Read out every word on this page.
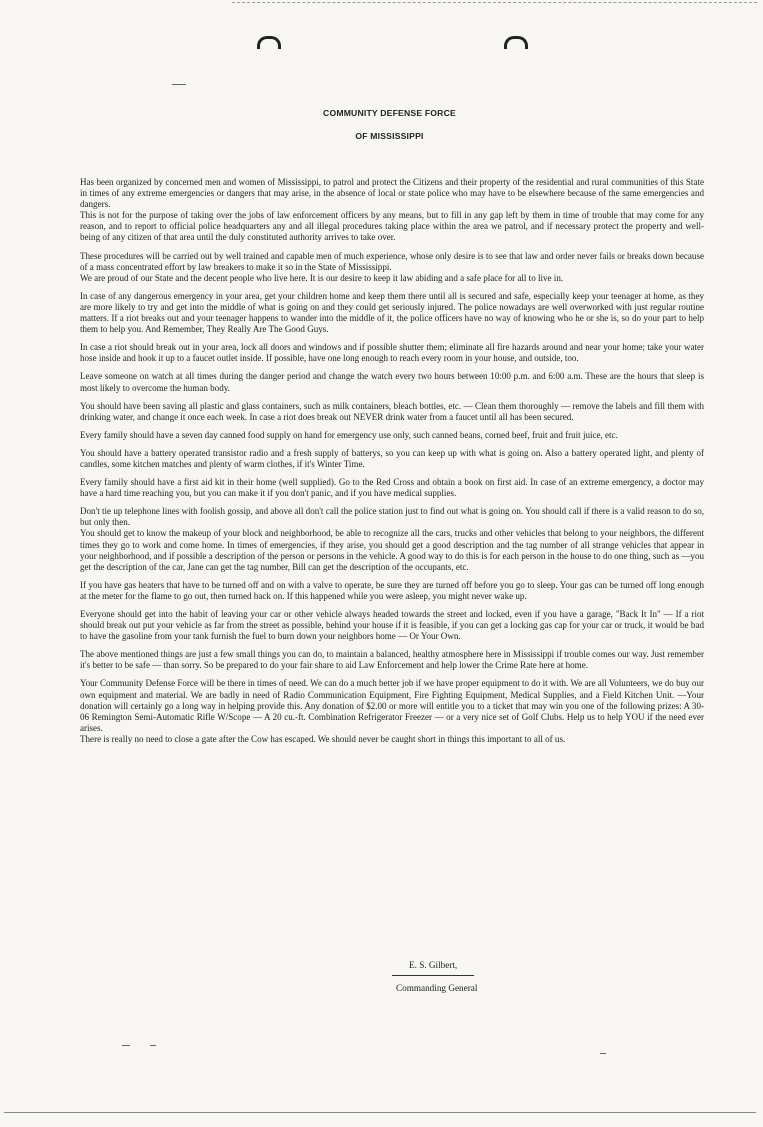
COMMUNITY DEFENSE FORCE
OF MISSISSIPPI

Has been organized by concerned men and women of Mississippi, to patrol and protect the Citizens and their property of the residential and rural communities of this State in times of any extreme emergencies or dangers that may arise, in the absence of local or state police who may have to be elsewhere because of the same emergencies and dangers.

This is not for the purpose of taking over the jobs of law enforcement officers by any means, but to fill in any gap left by them in time of trouble that may come for any reason, and to report to official police headquarters any and all illegal procedures taking place within the area we patrol, and if necessary protect the property and well-being of any citizen of that area until the duly constituted authority arrives to take over.

These procedures will be carried out by well trained and capable men of much experience, whose only desire is to see that law and order never fails or breaks down because of a mass concentrated effort by law breakers to make it so in the State of Mississippi.

We are proud of our State and the decent people who live here. It is our desire to keep it law abiding and a safe place for all to live in.

In case of any dangerous emergency in your area, get your children home and keep them there until all is secured and safe, especially keep your teenager at home, as they are more likely to try and get into the middle of what is going on and they could get seriously injured. The police nowadays are well overworked with just regular routine matters. If a riot breaks out and your teenager happens to wander into the middle of it, the police officers have no way of knowing who he or she is, so do your part to help them to help you. And Remember, They Really Are The Good Guys.

In case a riot should break out in your area, lock all doors and windows and if possible shutter them; eliminate all fire hazards around and near your home; take your water hose inside and hook it up to a faucet outlet inside. If possible, have one long enough to reach every room in your house, and outside, too.

Leave someone on watch at all times during the danger period and change the watch every two hours between 10:00 p.m. and 6:00 a.m. These are the hours that sleep is most likely to overcome the human body.

You should have been saving all plastic and glass containers, such as milk containers, bleach bottles, etc. — Clean them thoroughly — remove the labels and fill them with drinking water, and change it once each week. In case a riot does break out NEVER drink water from a faucet until all has been secured.

Every family should have a seven day canned food supply on hand for emergency use only, such canned beans, corned beef, fruit and fruit juice, etc.

You should have a battery operated transistor radio and a fresh supply of batterys, so you can keep up with what is going on. Also a battery operated light, and plenty of candles, some kitchen matches and plenty of warm clothes, if it's Winter Time.

Every family should have a first aid kit in their home (well supplied). Go to the Red Cross and obtain a book on first aid. In case of an extreme emergency, a doctor may have a hard time reaching you, but you can make it if you don't panic, and if you have medical supplies.

Don't tie up telephone lines with foolish gossip, and above all don't call the police station just to find out what is going on. You should call if there is a valid reason to do so, but only then.

You should get to know the makeup of your block and neighborhood, be able to recognize all the cars, trucks and other vehicles that belong to your neighbors, the different times they go to work and come home. In times of emergencies, if they arise, you should get a good description and the tag number of all strange vehicles that appear in your neighborhood, and if possible a description of the person or persons in the vehicle. A good way to do this is for each person in the house to do one thing, such as —you get the description of the car, Jane can get the tag number, Bill can get the description of the occupants, etc.

If you have gas heaters that have to be turned off and on with a valve to operate, be sure they are turned off before you go to sleep. Your gas can be turned off long enough at the meter for the flame to go out, then turned back on. If this happened while you were asleep, you might never wake up.

Everyone should get into the habit of leaving your car or other vehicle always headed towards the street and locked, even if you have a garage, "Back It In" — If a riot should break out put your vehicle as far from the street as possible, behind your house if it is feasible, if you can get a locking gas cap for your car or truck, it would be bad to have the gasoline from your tank furnish the fuel to burn down your neighbors home — Or Your Own.

The above mentioned things are just a few small things you can do, to maintain a balanced, healthy atmosphere here in Mississippi if trouble comes our way. Just remember it's better to be safe — than sorry. So be prepared to do your fair share to aid Law Enforcement and help lower the Crime Rate here at home.

Your Community Defense Force will be there in times of need. We can do a much better job if we have proper equipment to do it with. We are all Volunteers, we do buy our own equipment and material. We are badly in need of Radio Communication Equipment, Fire Fighting Equipment, Medical Supplies, and a Field Kitchen Unit. —Your donation will certainly go a long way in helping provide this. Any donation of $2.00 or more will entitle you to a ticket that may win you one of the following prizes: A 30-06 Remington Semi-Automatic Rifle W/Scope — A 20 cu.-ft. Combination Refrigerator Freezer — or a very nice set of Golf Clubs. Help us to help YOU if the need ever arises.

There is really no need to close a gate after the Cow has escaped. We should never be caught short in things this important to all of us.

E. S. Gilbert,
Commanding General
